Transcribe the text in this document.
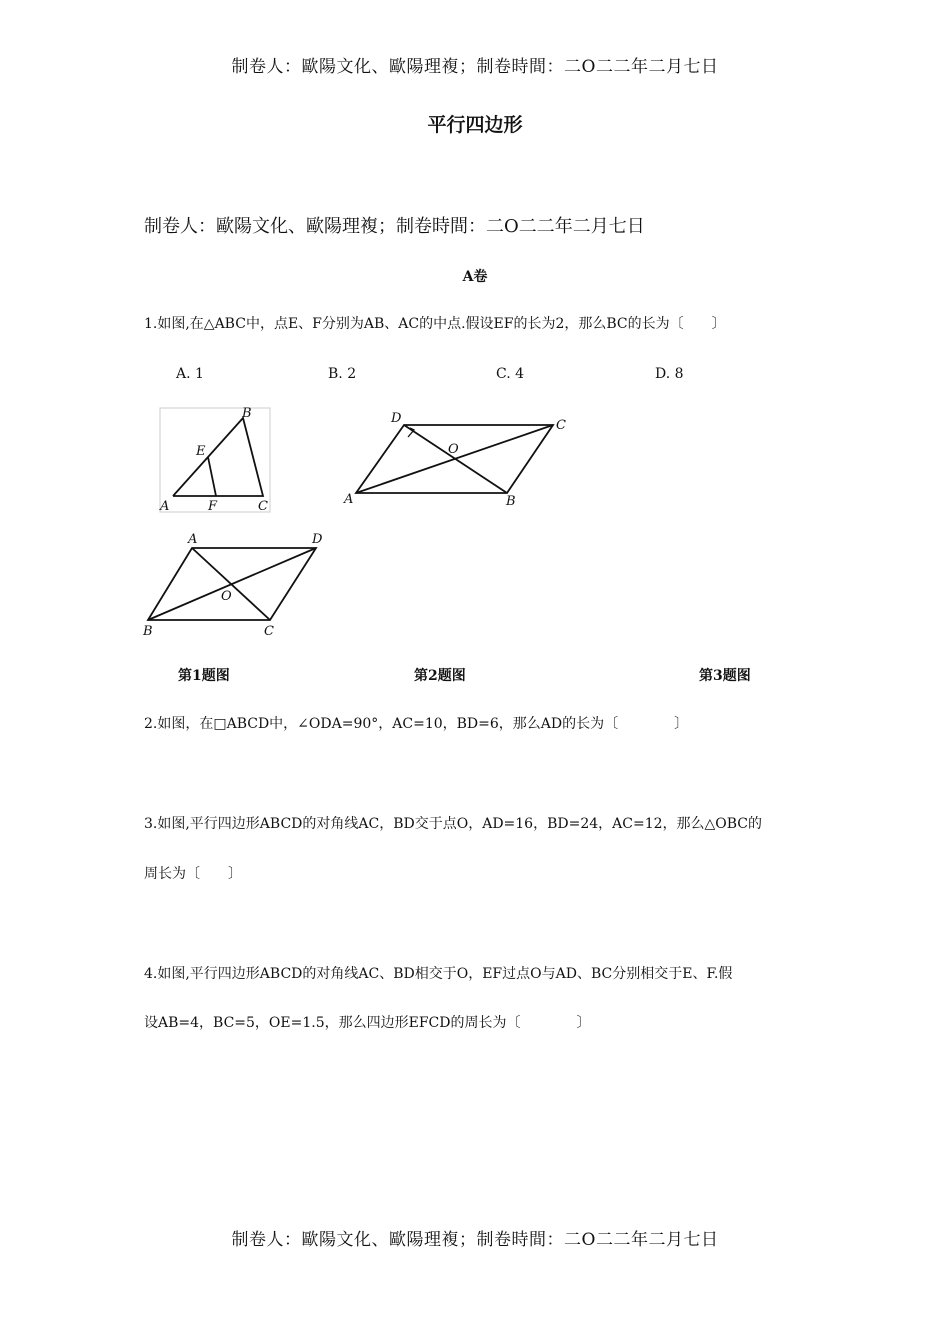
制卷人：歐陽文化、歐陽理複；制卷時間：二O二二年二月七日
平行四边形
制卷人：歐陽文化、歐陽理複；制卷時間：二O二二年二月七日
A卷
1.如图,在△ABC中，点E、F分别为AB、AC的中点.假设EF的长为2，那么BC的长为〔　　〕
A. 1	B. 2	C. 4	D. 8
B
E
A	F	C
D	C
O
A	B
A	D
O
B	C
第1题图	第2题图	第3题图
2.如图，在□ABCD中，∠ODA=90°，AC=10，BD=6，那么AD的长为〔　　　　〕
3.如图,平行四边形ABCD的对角线AC，BD交于点O，AD=16，BD=24，AC=12，那么△OBC的
周长为〔　　〕
4.如图,平行四边形ABCD的对角线AC、BD相交于O，EF过点O与AD、BC分别相交于E、F.假
设AB=4，BC=5，OE=1.5，那么四边形EFCD的周长为〔　　　　〕
制卷人：歐陽文化、歐陽理複；制卷時間：二O二二年二月七日
